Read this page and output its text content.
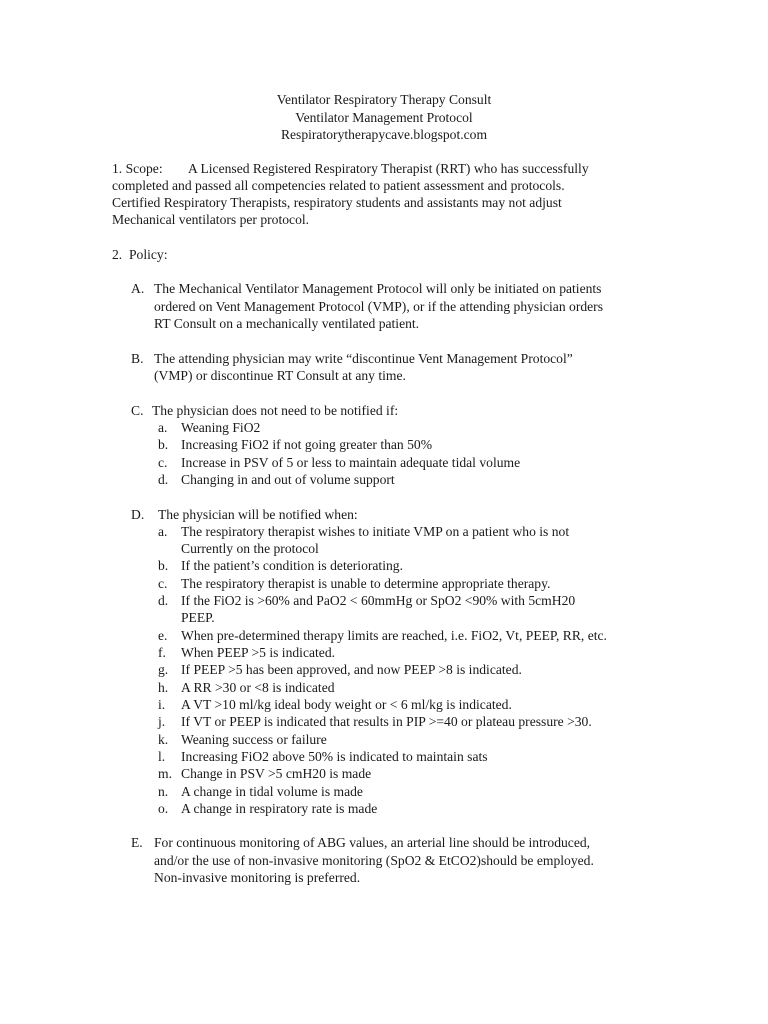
Ventilator Respiratory Therapy Consult
Ventilator Management Protocol
Respiratorytherapycave.blogspot.com
1. Scope: A Licensed Registered Respiratory Therapist (RRT) who has successfully
completed and passed all competencies related to patient assessment and protocols.
Certified Respiratory Therapists, respiratory students and assistants may not adjust
Mechanical ventilators per protocol.
2.  Policy:
A. The Mechanical Ventilator Management Protocol will only be initiated on patients
ordered on Vent Management Protocol (VMP), or if the attending physician orders
RT Consult on a mechanically ventilated patient.
B. The attending physician may write “discontinue Vent Management Protocol”
(VMP) or discontinue RT Consult at any time.
C. The physician does not need to be notified if:
a. Weaning FiO2
b. Increasing FiO2 if not going greater than 50%
c. Increase in PSV of 5 or less to maintain adequate tidal volume
d. Changing in and out of volume support
D. The physician will be notified when:
a. The respiratory therapist wishes to initiate VMP on a patient who is not
Currently on the protocol
b. If the patient’s condition is deteriorating.
c. The respiratory therapist is unable to determine appropriate therapy.
d. If the FiO2 is >60% and PaO2 < 60mmHg or SpO2 <90% with 5cmH20
PEEP.
e. When pre-determined therapy limits are reached, i.e. FiO2, Vt, PEEP, RR, etc.
f. When PEEP >5 is indicated.
g. If PEEP >5 has been approved, and now PEEP >8 is indicated.
h. A RR >30 or <8 is indicated
i. A VT >10 ml/kg ideal body weight or < 6 ml/kg is indicated.
j. If VT or PEEP is indicated that results in PIP >=40 or plateau pressure >30.
k. Weaning success or failure
l. Increasing FiO2 above 50% is indicated to maintain sats
m. Change in PSV >5 cmH20 is made
n. A change in tidal volume is made
o. A change in respiratory rate is made
E. For continuous monitoring of ABG values, an arterial line should be introduced,
and/or the use of non-invasive monitoring (SpO2 & EtCO2)should be employed.
Non-invasive monitoring is preferred.
